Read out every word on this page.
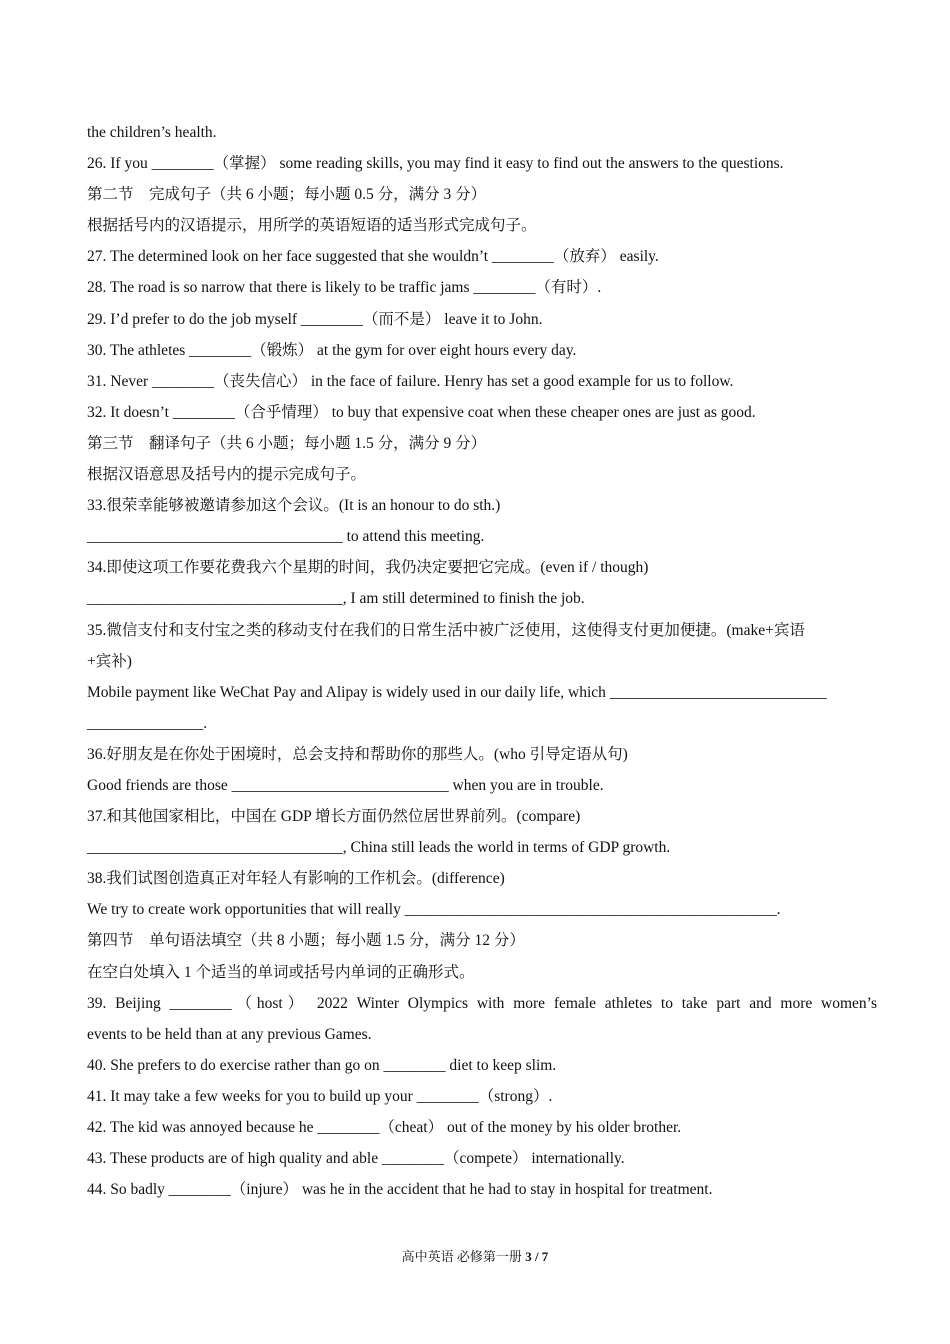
the children’s health.
26. If you ________（掌握） some reading skills, you may find it easy to find out the answers to the questions.
第二节　完成句子（共 6 小题；每小题 0.5 分，满分 3 分）
根据括号内的汉语提示，用所学的英语短语的适当形式完成句子。
27. The determined look on her face suggested that she wouldn’t ________（放弃） easily.
28. The road is so narrow that there is likely to be traffic jams ________（有时）.
29. I’d prefer to do the job myself ________（而不是） leave it to John.
30. The athletes ________（锻炼） at the gym for over eight hours every day.
31. Never ________（丧失信心） in the face of failure. Henry has set a good example for us to follow.
32. It doesn’t ________（合乎情理） to buy that expensive coat when these cheaper ones are just as good.
第三节　翻译句子（共 6 小题；每小题 1.5 分，满分 9 分）
根据汉语意思及括号内的提示完成句子。
33.很荣幸能够被邀请参加这个会议。(It is an honour to do sth.)
_________________________________ to attend this meeting.
34.即使这项工作要花费我六个星期的时间，我仍决定要把它完成。(even if / though)
_________________________________, I am still determined to finish the job.
35.微信支付和支付宝之类的移动支付在我们的日常生活中被广泛使用，这使得支付更加便捷。(make+宾语
+宾补)
Mobile payment like WeChat Pay and Alipay is widely used in our daily life, which ____________________________
_______________.
36.好朋友是在你处于困境时，总会支持和帮助你的那些人。(who 引导定语从句)
Good friends are those ____________________________ when you are in trouble.
37.和其他国家相比，中国在 GDP 增长方面仍然位居世界前列。(compare)
_________________________________, China still leads the world in terms of GDP growth.
38.我们试图创造真正对年轻人有影响的工作机会。(difference)
We try to create work opportunities that will really ________________________________________________.
第四节　单句语法填空（共 8 小题；每小题 1.5 分，满分 12 分）
在空白处填入 1 个适当的单词或括号内单词的正确形式。
39. Beijing ________（host） 2022 Winter Olympics with more female athletes to take part and more women’s
events to be held than at any previous Games.
40. She prefers to do exercise rather than go on ________ diet to keep slim.
41. It may take a few weeks for you to build up your ________（strong）.
42. The kid was annoyed because he ________（cheat） out of the money by his older brother.
43. These products are of high quality and able ________（compete） internationally.
44. So badly ________（injure） was he in the accident that he had to stay in hospital for treatment.
高中英语 必修第一册 3 / 7
